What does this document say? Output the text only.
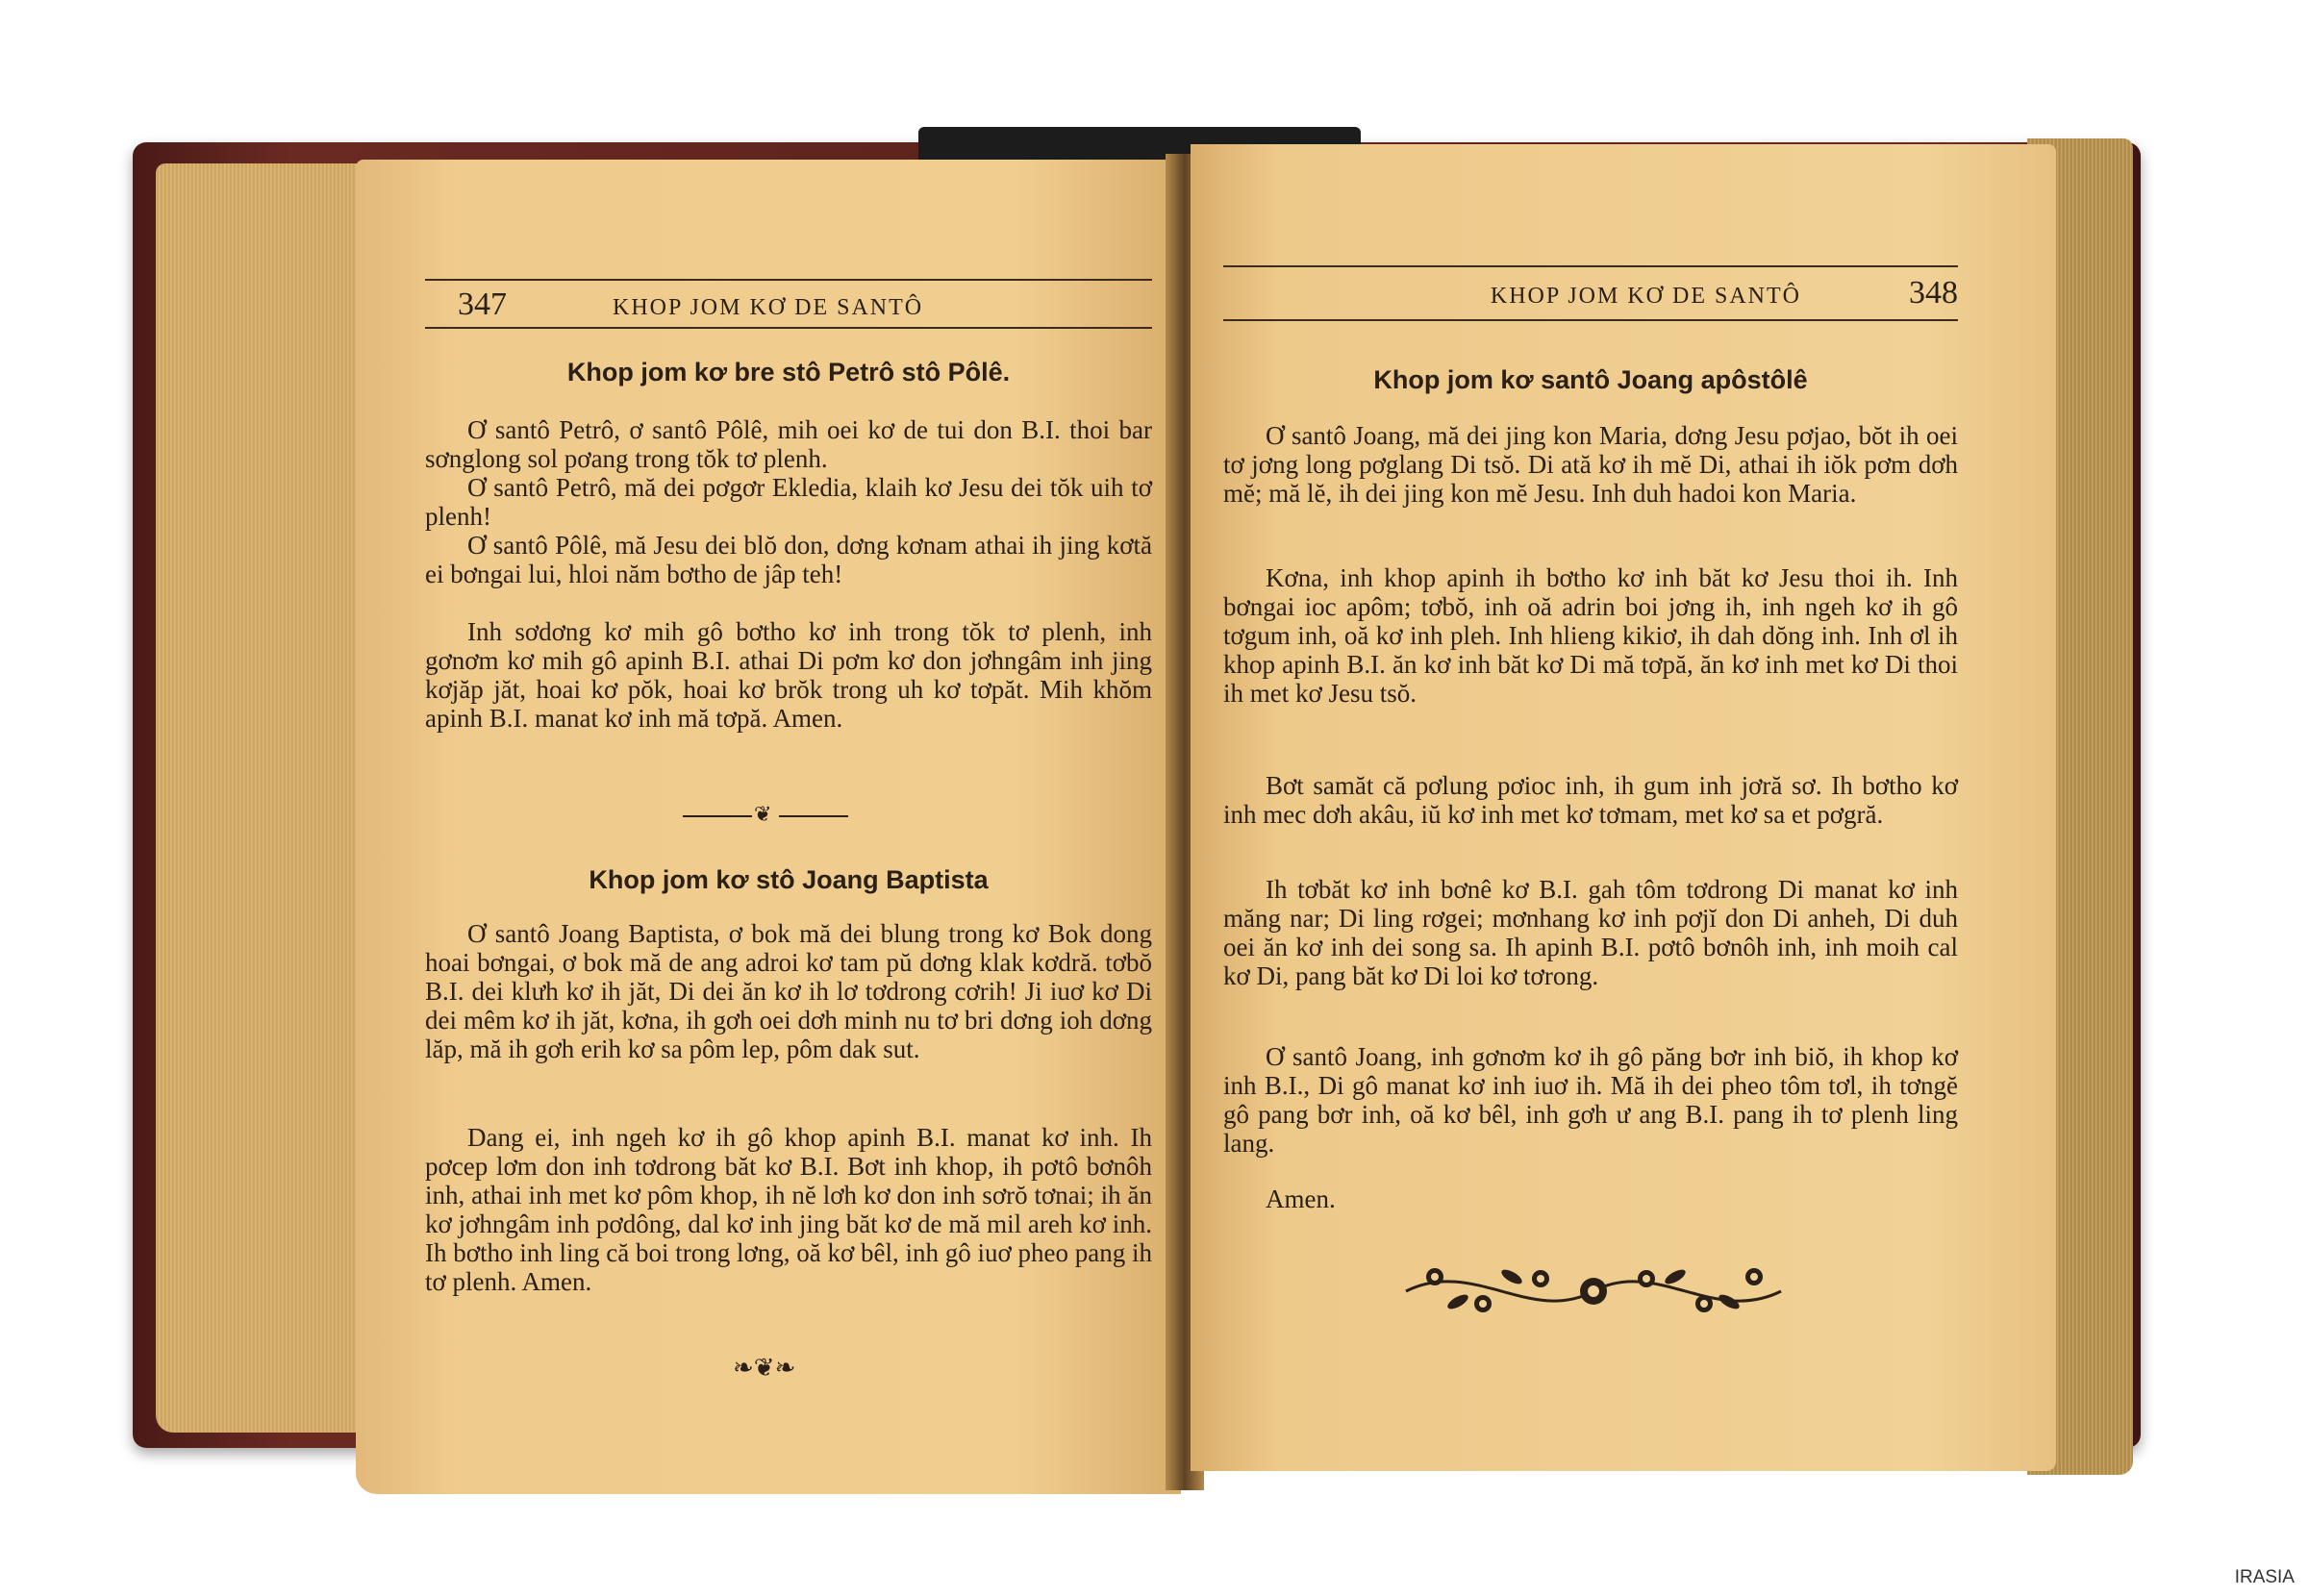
347	KHOP JOM KƠ DE SANTÔ
Khop jom kơ bre stô Petrô stô Pôlê.

Ơ santô Petrô, ơ santô Pôlê, mih oei kơ de tui don B.I. thoi bar sơnglong sol pơang trong tŏk tơ plenh.

Ơ santô Petrô, mă dei pơgơr Ekledia, klaih kơ Jesu dei tŏk uih tơ plenh!

Ơ santô Pôlê, mă Jesu dei blŏ don, dơng kơnam athai ih jing kơtă ei bơngai lui, hloi năm bơtho de jâp teh!

Inh sơdơng kơ mih gô bơtho kơ inh trong tŏk tơ plenh, inh gơnơm kơ mih gô apinh B.I. athai Di pơm kơ don jơhngâm inh jing kơjăp jăt, hoai kơ pŏk, hoai kơ brŏk trong uh kơ tơpăt. Mih khŏm apinh B.I. manat kơ inh mă tơpă. Amen.

❦
Khop jom kơ stô Joang Baptista

Ơ santô Joang Baptista, ơ bok mă dei blung trong kơ Bok dong hoai bơngai, ơ bok mă de ang adroi kơ tam pŭ dơng klak kơdră. tơbŏ B.I. dei klưh kơ ih jăt, Di dei ăn kơ ih lơ tơdrong cơrih! Ji iuơ kơ Di dei mêm kơ ih jăt, kơna, ih gơh oei dơh minh nu tơ bri dơng ioh dơng lăp, mă ih gơh erih kơ sa pôm lep, pôm dak sut.

Dang ei, inh ngeh kơ ih gô khop apinh B.I. manat kơ inh. Ih pơcep lơm don inh tơdrong băt kơ B.I. Bơt inh khop, ih pơtô bơnôh inh, athai inh met kơ pôm khop, ih nĕ lơh kơ don inh sơrŏ tơnai; ih ăn kơ jơhngâm inh pơdông, dal kơ inh jing băt kơ de mă mil areh kơ inh. Ih bơtho inh ling că boi trong lơng, oă kơ bêl, inh gô iuơ pheo pang ih tơ plenh. Amen.

❧❦❧
KHOP JOM KƠ DE SANTÔ	348
Khop jom kơ santô Joang apôstôlê

Ơ santô Joang, mă dei jing kon Maria, dơng Jesu pơjao, bŏt ih oei tơ jơng long pơglang Di tsŏ. Di ată kơ ih mĕ Di, athai ih iŏk pơm dơh mĕ; mă lĕ, ih dei jing kon mĕ Jesu. Inh duh hadoi kon Maria.

Kơna, inh khop apinh ih bơtho kơ inh băt kơ Jesu thoi ih. Inh bơngai ioc apôm; tơbŏ, inh oă adrin boi jơng ih, inh ngeh kơ ih gô tơgum inh, oă kơ inh pleh. Inh hlieng kikiơ, ih dah dŏng inh. Inh ơl ih khop apinh B.I. ăn kơ inh băt kơ Di mă tơpă, ăn kơ inh met kơ Di thoi ih met kơ Jesu tsŏ.

Bơt samăt că pơlung pơioc inh, ih gum inh jơră sơ. Ih bơtho kơ inh mec dơh akâu, iŭ kơ inh met kơ tơmam, met kơ sa et pơgră.

Ih tơbăt kơ inh bơnê kơ B.I. gah tôm tơdrong Di manat kơ inh măng nar; Di ling rơgei; mơnhang kơ inh pơjĭ don Di anheh, Di duh oei ăn kơ inh dei song sa. Ih apinh B.I. pơtô bơnôh inh, inh moih cal kơ Di, pang băt kơ Di loi kơ tơrong.

Ơ santô Joang, inh gơnơm kơ ih gô păng bơr inh biŏ, ih khop kơ inh B.I., Di gô manat kơ inh iuơ ih. Mă ih dei pheo tôm tơl, ih tơngĕ gô pang bơr inh, oă kơ bêl, inh gơh ư ang B.I. pang ih tơ plenh ling lang.

Amen.

IRASIA
